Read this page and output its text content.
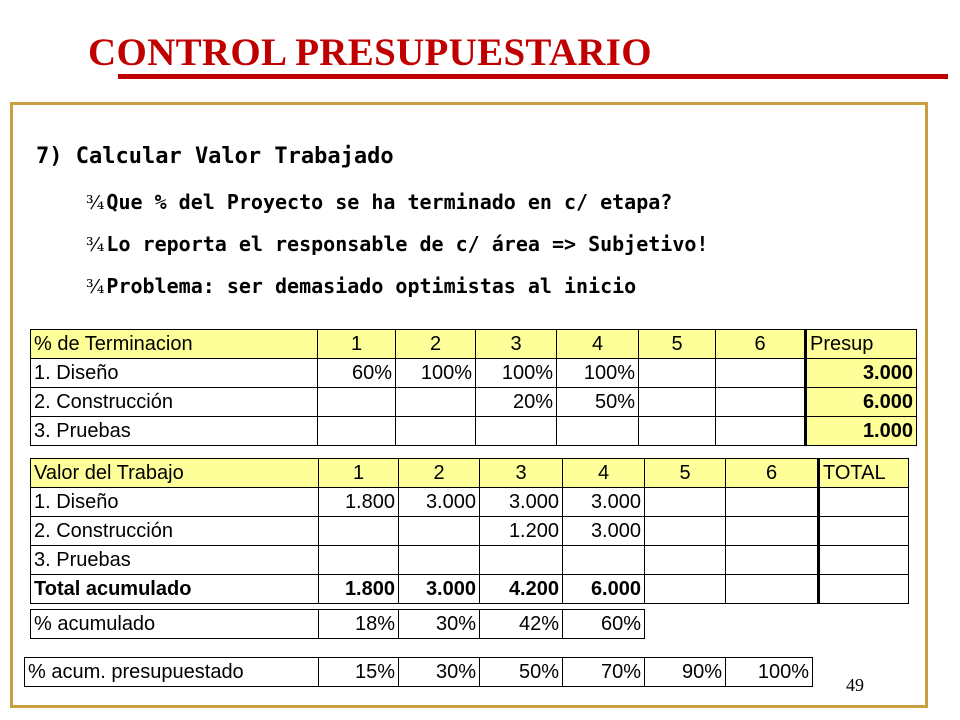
CONTROL PRESUPUESTARIO
7) Calcular Valor Trabajado
¾ Que % del Proyecto se ha terminado en c/ etapa?
¾ Lo reporta el responsable de c/ área => Subjetivo!
¾ Problema: ser demasiado optimistas al inicio
% de Terminacion	1	2	3	4	5	6	Presup
1. Diseño	60%	100%	100%	100%			3.000
2. Construcción			20%	50%			6.000
3. Pruebas							1.000
Valor del Trabajo	1	2	3	4	5	6	TOTAL
1. Diseño	1.800	3.000	3.000	3.000			
2. Construcción			1.200	3.000			
3. Pruebas							
Total acumulado	1.800	3.000	4.200	6.000			
% acumulado	18%	30%	42%	60%
% acum. presupuestado	15%	30%	50%	70%	90%	100%
49
